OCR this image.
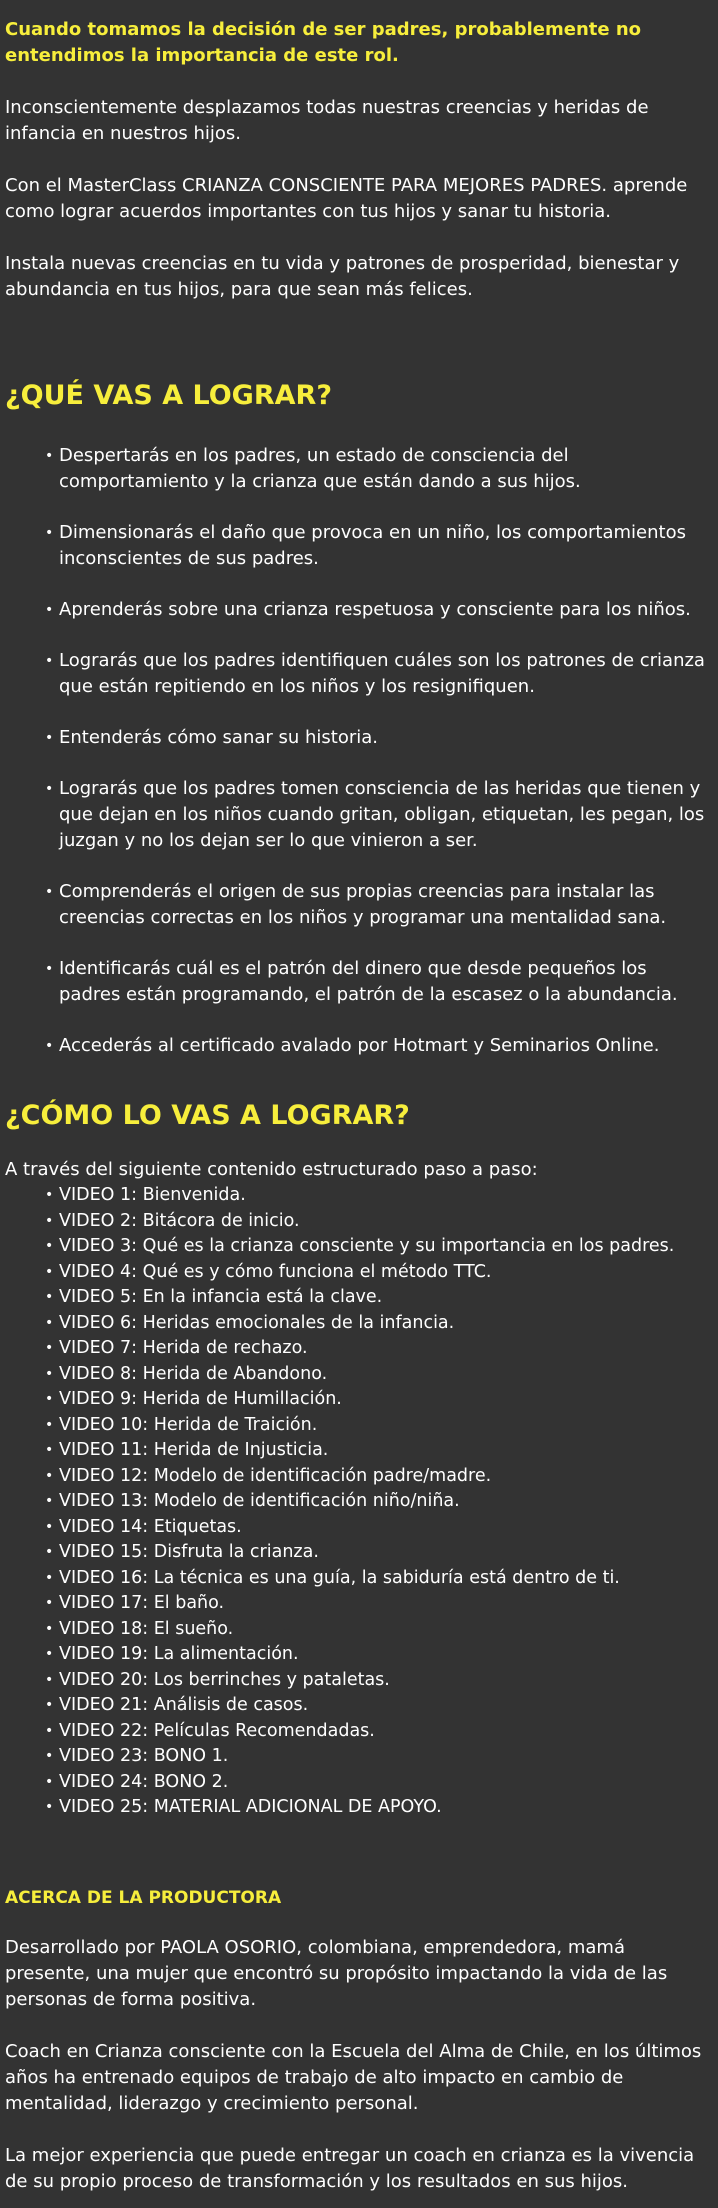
Cuando tomamos la decisión de ser padres, probablemente no entendimos la importancia de este rol.

Inconscientemente desplazamos todas nuestras creencias y heridas de infancia en nuestros hijos.

Con el MasterClass CRIANZA CONSCIENTE PARA MEJORES PADRES. aprende como lograr acuerdos importantes con tus hijos y sanar tu historia.

Instala nuevas creencias en tu vida y patrones de prosperidad, bienestar y abundancia en tus hijos, para que sean más felices.

¿QUÉ VAS A LOGRAR?
• Despertarás en los padres, un estado de consciencia del comportamiento y la crianza que están dando a sus hijos.
• Dimensionarás el daño que provoca en un niño, los comportamientos inconscientes de sus padres.
• Aprenderás sobre una crianza respetuosa y consciente para los niños.
• Lograrás que los padres identifiquen cuáles son los patrones de crianza que están repitiendo en los niños y los resignifiquen.
• Entenderás cómo sanar su historia.
• Lograrás que los padres tomen consciencia de las heridas que tienen y que dejan en los niños cuando gritan, obligan, etiquetan, les pegan, los juzgan y no los dejan ser lo que vinieron a ser.
• Comprenderás el origen de sus propias creencias para instalar las creencias correctas en los niños y programar una mentalidad sana.
• Identificarás cuál es el patrón del dinero que desde pequeños los padres están programando, el patrón de la escasez o la abundancia.
• Accederás al certificado avalado por Hotmart y Seminarios Online.
¿CÓMO LO VAS A LOGRAR?

A través del siguiente contenido estructurado paso a paso:

• VIDEO 1: Bienvenida.
• VIDEO 2: Bitácora de inicio.
• VIDEO 3: Qué es la crianza consciente y su importancia en los padres.
• VIDEO 4: Qué es y cómo funciona el método TTC.
• VIDEO 5: En la infancia está la clave.
• VIDEO 6: Heridas emocionales de la infancia.
• VIDEO 7: Herida de rechazo.
• VIDEO 8: Herida de Abandono.
• VIDEO 9: Herida de Humillación.
• VIDEO 10: Herida de Traición.
• VIDEO 11: Herida de Injusticia.
• VIDEO 12: Modelo de identificación padre/madre.
• VIDEO 13: Modelo de identificación niño/niña.
• VIDEO 14: Etiquetas.
• VIDEO 15: Disfruta la crianza.
• VIDEO 16: La técnica es una guía, la sabiduría está dentro de ti.
• VIDEO 17: El baño.
• VIDEO 18: El sueño.
• VIDEO 19: La alimentación.
• VIDEO 20: Los berrinches y pataletas.
• VIDEO 21: Análisis de casos.
• VIDEO 22: Películas Recomendadas.
• VIDEO 23: BONO 1.
• VIDEO 24: BONO 2.
• VIDEO 25: MATERIAL ADICIONAL DE APOYO.
ACERCA DE LA PRODUCTORA

Desarrollado por PAOLA OSORIO, colombiana, emprendedora, mamá presente, una mujer que encontró su propósito impactando la vida de las personas de forma positiva.

Coach en Crianza consciente con la Escuela del Alma de Chile, en los últimos años ha entrenado equipos de trabajo de alto impacto en cambio de mentalidad, liderazgo y crecimiento personal.

La mejor experiencia que puede entregar un coach en crianza es la vivencia de su propio proceso de transformación y los resultados en sus hijos.
